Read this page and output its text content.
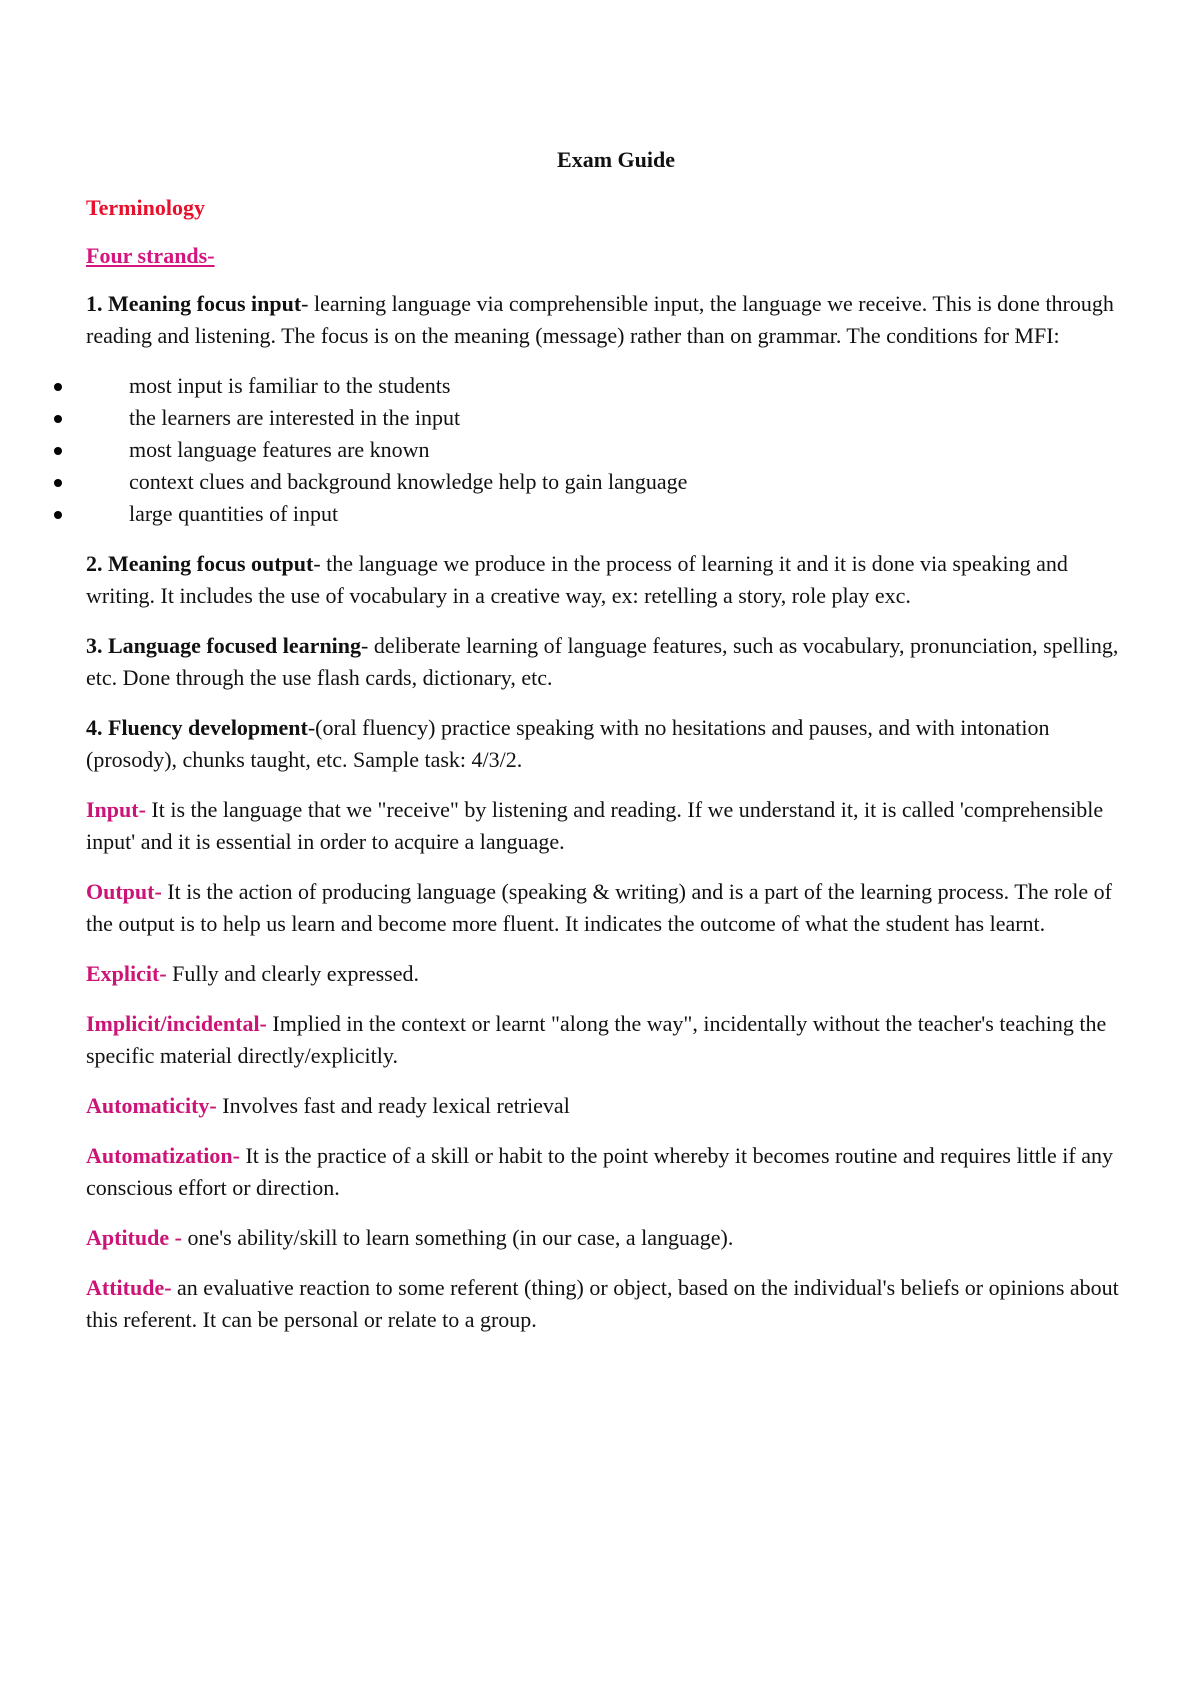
Exam Guide
Terminology
Four strands-

1. Meaning focus input- learning language via comprehensible input, the language we receive. This is done through reading and listening. The focus is on the meaning (message) rather than on grammar. The conditions for MFI:

most input is familiar to the students
the learners are interested in the input
most language features are known
context clues and background knowledge help to gain language
large quantities of input

2. Meaning focus output- the language we produce in the process of learning it and it is done via speaking and writing. It includes the use of vocabulary in a creative way, ex: retelling a story, role play exc.

3. Language focused learning- deliberate learning of language features, such as vocabulary, pronunciation, spelling, etc. Done through the use flash cards, dictionary, etc.

4. Fluency development-(oral fluency) practice speaking with no hesitations and pauses, and with intonation (prosody), chunks taught, etc. Sample task: 4/3/2.

Input- It is the language that we "receive" by listening and reading. If we understand it, it is called 'comprehensible input' and it is essential in order to acquire a language.

Output- It is the action of producing language (speaking & writing) and is a part of the learning process. The role of the output is to help us learn and become more fluent. It indicates the outcome of what the student has learnt.

Explicit- Fully and clearly expressed.

Implicit/incidental- Implied in the context or learnt "along the way", incidentally without the teacher's teaching the specific material directly/explicitly.

Automaticity- Involves fast and ready lexical retrieval

Automatization- It is the practice of a skill or habit to the point whereby it becomes routine and requires little if any conscious effort or direction.

Aptitude - one's ability/skill to learn something (in our case, a language).

Attitude- an evaluative reaction to some referent (thing) or object, based on the individual's beliefs or opinions about this referent. It can be personal or relate to a group.
